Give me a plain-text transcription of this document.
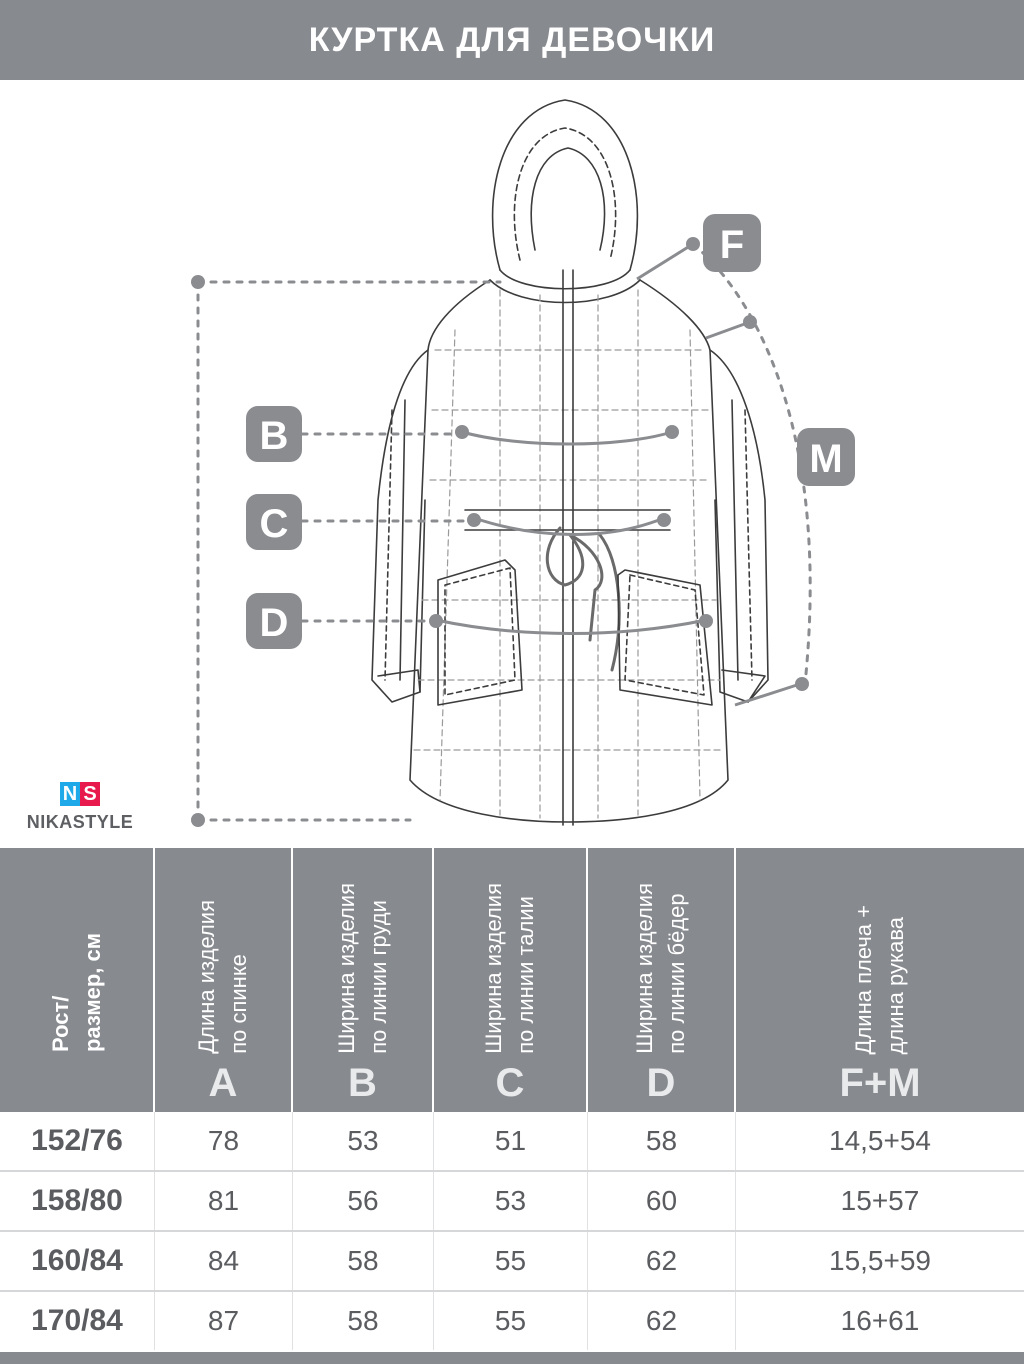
КУРТКА ДЛЯ ДЕВОЧКИ
F
B
C
D
M
N S
NIKASTYLE
Рост/
размер, см
Длина изделия
по спинке
A
Ширина изделия
по линии груди
B
Ширина изделия
по линии талии
C
Ширина изделия
по линии бёдер
D
Длина плеча +
длина рукава
F+M
152/76	78	53	51	58	14,5+54
158/80	81	56	53	60	15+57
160/84	84	58	55	62	15,5+59
170/84	87	58	55	62	16+61
